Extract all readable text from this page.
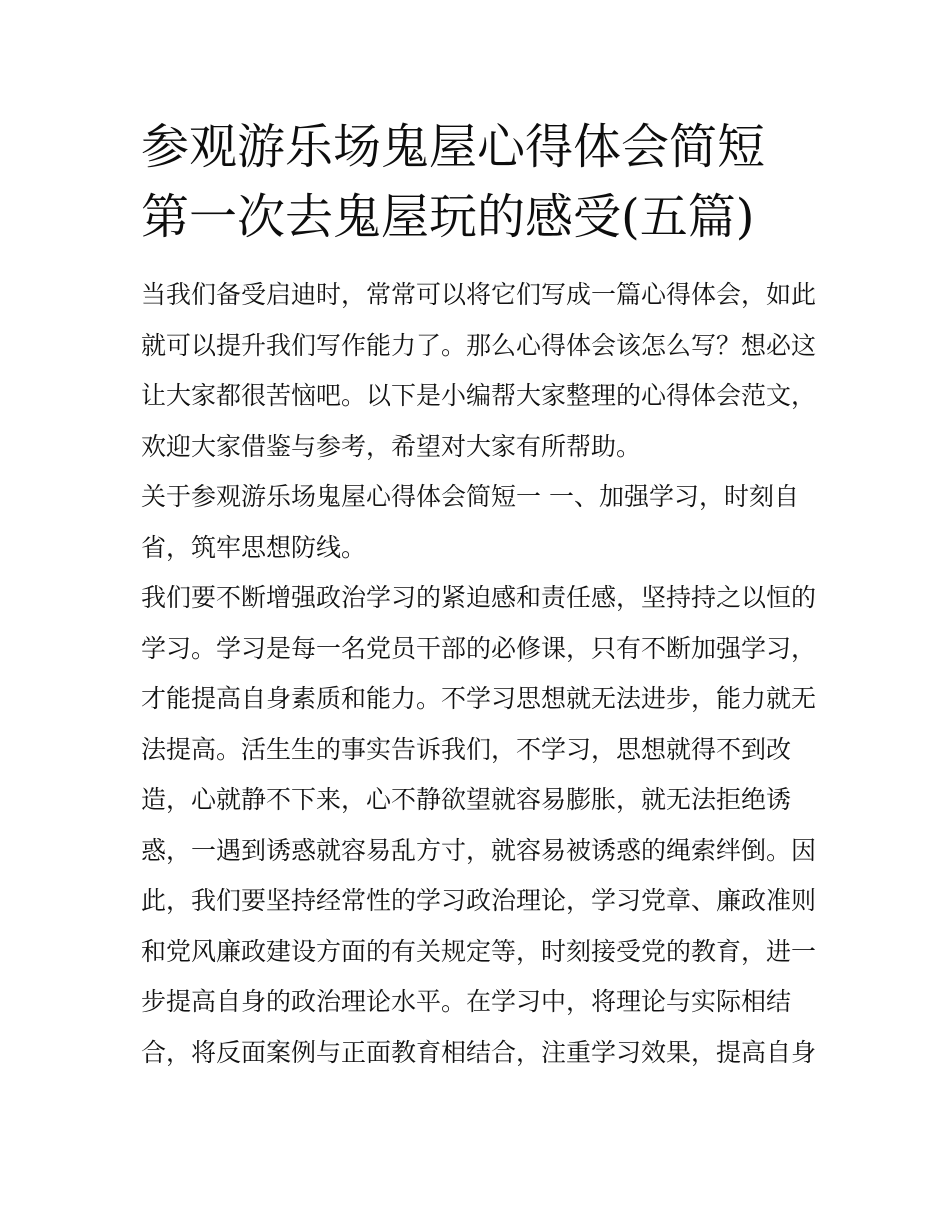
参观游乐场鬼屋心得体会简短
第一次去鬼屋玩的感受(五篇)

当我们备受启迪时，常常可以将它们写成一篇心得体会，如此
就可以提升我们写作能力了。那么心得体会该怎么写？想必这
让大家都很苦恼吧。以下是小编帮大家整理的心得体会范文，
欢迎大家借鉴与参考，希望对大家有所帮助。

关于参观游乐场鬼屋心得体会简短一 一、加强学习，时刻自
省，筑牢思想防线。

我们要不断增强政治学习的紧迫感和责任感，坚持持之以恒的
学习。学习是每一名党员干部的必修课，只有不断加强学习，
才能提高自身素质和能力。不学习思想就无法进步，能力就无
法提高。活生生的事实告诉我们，不学习，思想就得不到改
造，心就静不下来，心不静欲望就容易膨胀，就无法拒绝诱
惑，一遇到诱惑就容易乱方寸，就容易被诱惑的绳索绊倒。因
此，我们要坚持经常性的学习政治理论，学习党章、廉政准则
和党风廉政建设方面的有关规定等，时刻接受党的教育，进一
步提高自身的政治理论水平。在学习中，将理论与实际相结
合，将反面案例与正面教育相结合，注重学习效果，提高自身
